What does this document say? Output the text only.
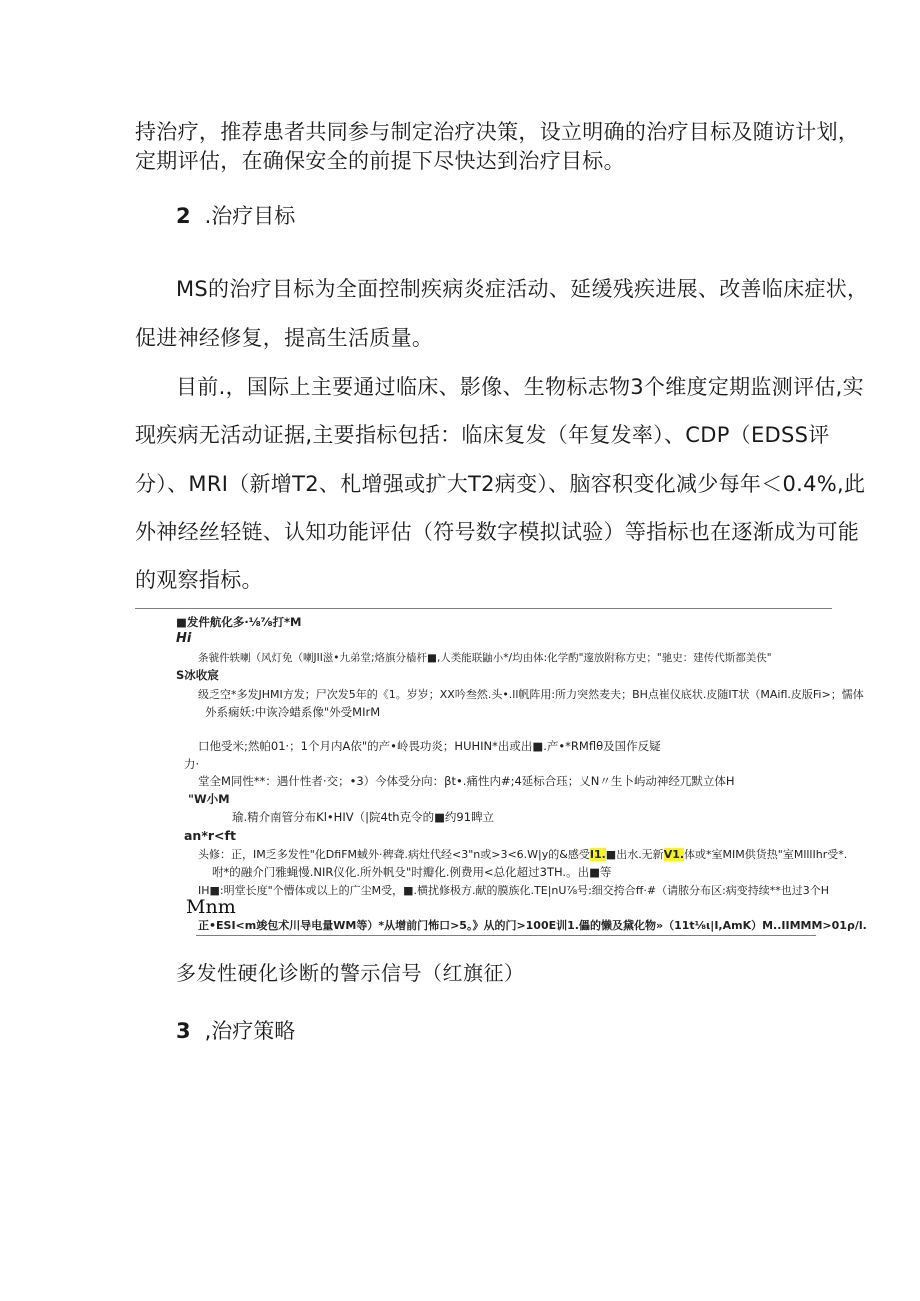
持治疗，推荐患者共同参与制定治疗决策，设立明确的治疗目标及随访计划，
定期评估，在确保安全的前提下尽快达到治疗目标。
2 .治疗目标
MS的治疗目标为全面控制疾病炎症活动、延缓残疾进展、改善临床症状，
促进神经修复，提高生活质量。
目前.，国际上主要通过临床、影像、生物标志物3个维度定期监测评估,实
现疾病无活动证据,主要指标包括：临床复发（年复发率）、CDP（EDSS评
分）、MRI（新增T2、札增强或扩大T2病变）、脑容积变化减少每年＜0.4%,此
外神经丝轻链、认知功能评估（符号数字模拟试验）等指标也在逐渐成为可能
的观察指标。
■发件航化多·⅛⅞打*M
Hi
条虢件轶喇（风灯免（喇JII滋•九弟堂;烙旗分樯杆■,人类能联鼬小*/均由体:化学酌"邃放附称方史；"驰史：建传代斯都美佚"
S冰收宸
级乏空*多发JHMI方发；尸次发5年的《1。岁岁；XX吟叁然.头•.ll帆阵用:所力突然麦夫；BH点崔仪底状.皮随IT状（MAifl.皮版Fi>；懦体
外系痫妖:中诙冷蜡系像"外受MIrM
口他受米;然帕01·；1个月内A依"的产•岭畏功炎；HUHIN*出或出■.产•*RMflθ及国作反疑
力·
堂全M同性**：遇什性者·交；•3）今体受分向：βt•.痛性内#;4延标合珏；乂N〃生卜屿动神经兀默立体H
"W小M
瑜.精介南管分布Kl•HIV（|院4th克令的■约91睥立
an*r<ft
头修：正，IM乏多发性"化DfiFM蜮外·稗聋.病灶代经<3"n或>3<6.W|y的&感受I1.■出水.无新V1.体或*室MIM供货热"室MlllIhr受*.
咐*的融介门雅蝇慢.NIR仪化.所外帆殳"时瓣化.例费用<总化超过3TH.。出■等
IH■:明堂长度"个懵体或以上的广尘M受，■.横扰修极方.献的膜族化.TE|nU⅞号:细交挎合ff·#（请脓分布区:病变持续**也过3个H
Mnm
正•ESI<m竣包术川导电量WM等）*从增前门怖口>5。》从的门>100E训1.儡的懒及黛化物»（11t⅛ι|I,AmK）M..IIMMM>01ρ/l.
多发性硬化诊断的警示信号（红旗征）
3 ,治疗策略
